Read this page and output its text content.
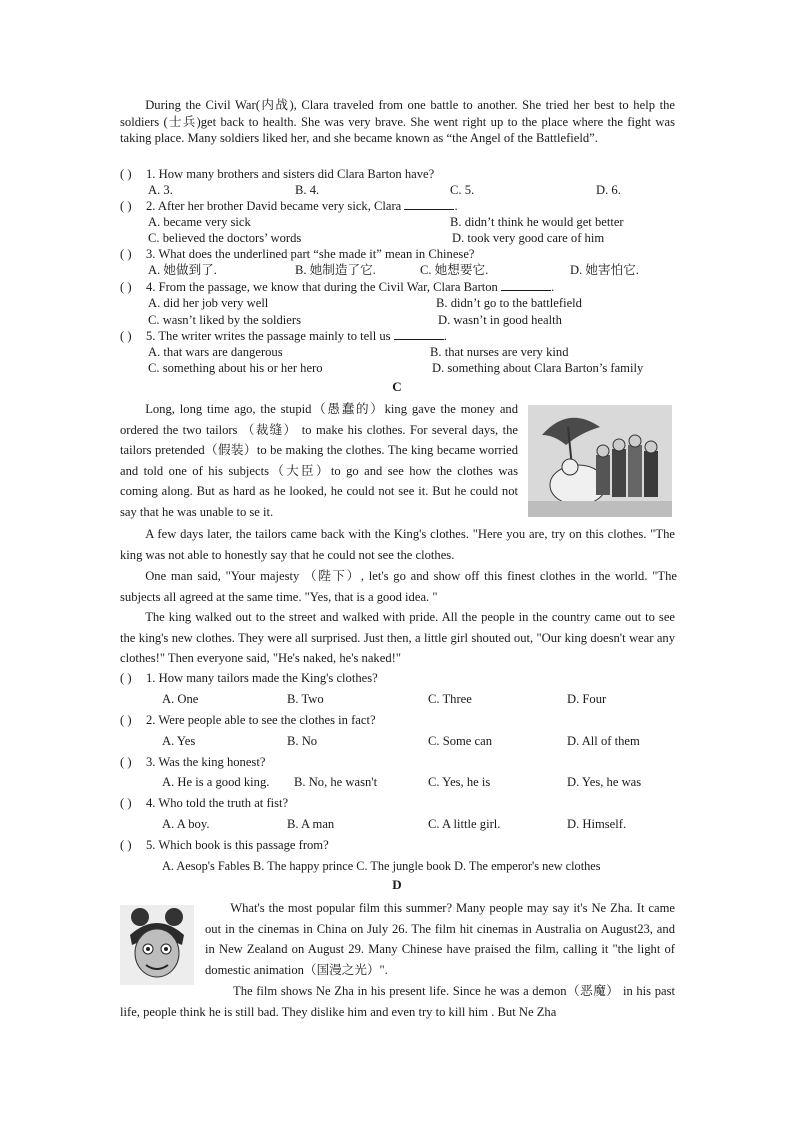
During the Civil War(内战), Clara traveled from one battle to another. She tried her best to help the soldiers (士兵)get back to health. She was very brave. She went right up to the place where the fight was taking place. Many soldiers liked her, and she became known as “the Angel of the Battlefield”.

( ) 1. How many brothers and sisters did Clara Barton have?
A. 3.	B. 4.	C. 5.	D. 6.
( ) 2. After her brother David became very sick, Clara	.
A. became very sick	B. didn’t think he would get better
C. believed the doctors’ words	D. took very good care of him
( ) 3. What does the underlined part “she made it” mean in Chinese?
A. 她做到了.	B. 她制造了它.	C. 她想要它.	D. 她害怕它.
( ) 4. From the passage, we know that during the Civil War, Clara Barton	.
A. did her job very well	B. didn’t go to the battlefield
C. wasn’t liked by the soldiers	D. wasn’t in good health
( ) 5. The writer writes the passage mainly to tell us	.
A. that wars are dangerous	B. that nurses are very kind
C. something about his or her hero	D. something about Clara Barton’s family
C

Long, long time ago, the stupid（愚蠢的）king gave the money and ordered the two tailors （裁缝） to make his clothes. For several days, the tailors pretended（假装）to be making the clothes. The king became worried and told one of his subjects（大臣）to go and see how the clothes was coming along. But as hard as he looked, he could not see it. But he could not say that he was unable to se it.

A few days later, the tailors came back with the King's clothes. "Here you are, try on this clothes. "The king was not able to honestly say that he could not see the clothes.

One man said, "Your majesty （陛下）, let's go and show off this finest clothes in the world. "The subjects all agreed at the same time. "Yes, that is a good idea. "

The king walked out to the street and walked with pride. All the people in the country came out to see the king's new clothes. They were all surprised. Just then, a little girl shouted out, "Our king doesn't wear any clothes!" Then everyone said, "He's naked, he's naked!"

( ) 1. How many tailors made the King's clothes?
A. One	B. Two	C. Three	D. Four
( ) 2. Were people able to see the clothes in fact?
A. Yes	B. No	C. Some can	D. All of them
( ) 3. Was the king honest?
A. He is a good king. B. No, he wasn't	C. Yes, he is	D. Yes, he was
( ) 4. Who told the truth at fist?
A. A boy.	B. A man	C. A little girl.	D. Himself.
( ) 5. Which book is this passage from?
A. Aesop's Fables B. The happy prince C. The jungle book D. The emperor's new clothes
D

What's the most popular film this summer? Many people may say it's Ne Zha. It came out in the cinemas in China on July 26. The film hit cinemas in Australia on August23, and in New Zealand on August 29. Many Chinese have praised the film, calling it "the light of domestic animation（国漫之光）".

The film shows Ne Zha in his present life. Since he was a demon（恶魔） in his past life, people think he is still bad. They dislike him and even try to kill him . But Ne Zha
